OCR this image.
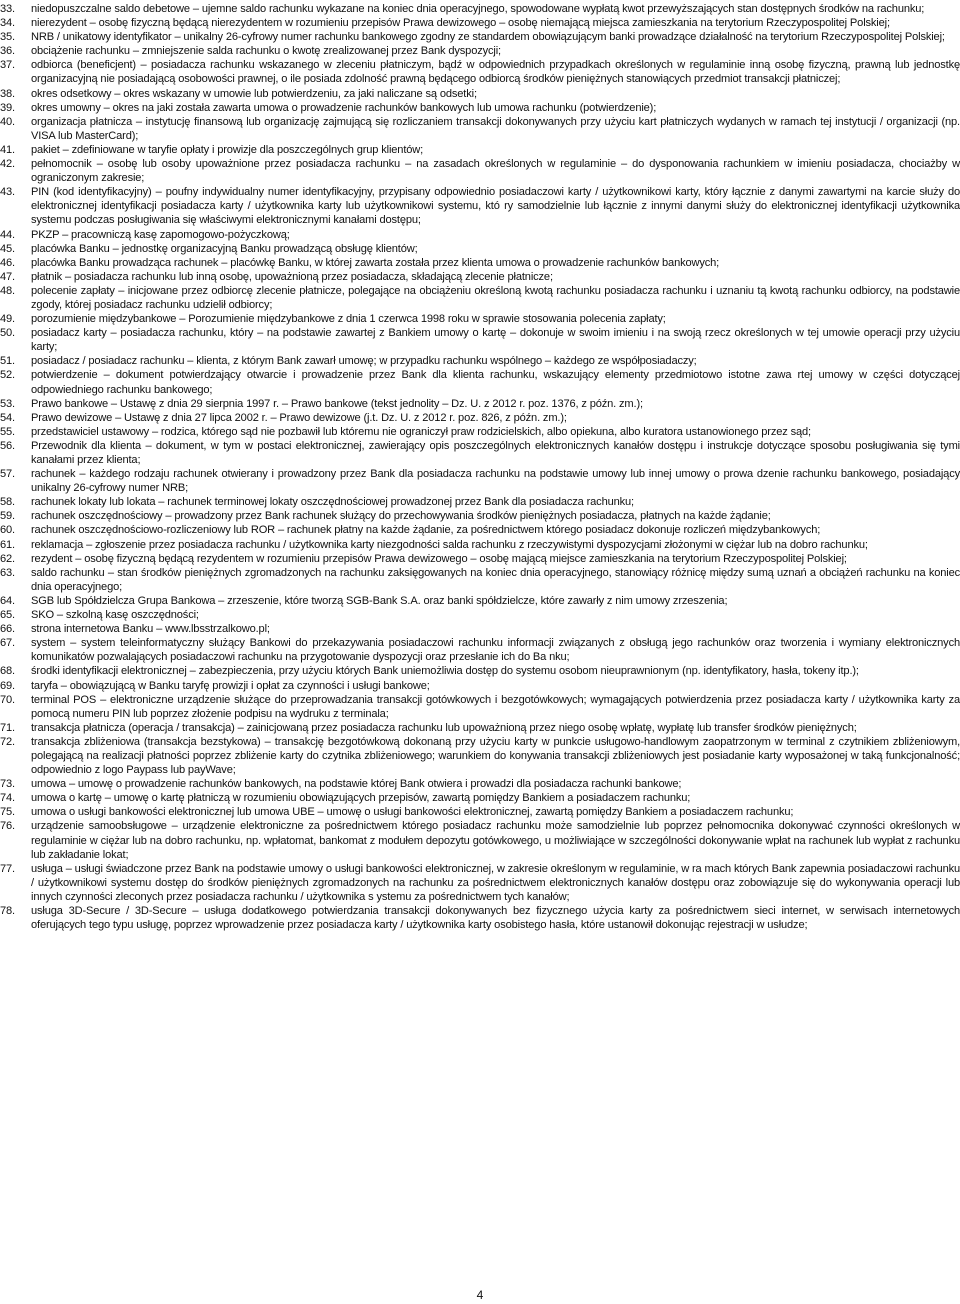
33.	niedopuszczalne saldo debetowe – ujemne saldo rachunku wykazane na koniec dnia operacyjnego, spowodowane wypłatą kwot przewyższających stan dostępnych środków na rachunku;
34.	nierezydent – osobę fizyczną będącą nierezydentem w rozumieniu przepisów Prawa dewizowego – osobę niemającą miejsca zamieszkania na terytorium Rzeczypospolitej Polskiej;
35.	NRB / unikatowy identyfikator – unikalny 26-cyfrowy numer rachunku bankowego zgodny ze standardem obowiązującym banki prowadzące działalność na terytorium Rzeczypospolitej Polskiej;
36.	obciążenie rachunku – zmniejszenie salda rachunku o kwotę zrealizowanej przez Bank dyspozycji;
37.	odbiorca (beneficjent) – posiadacza rachunku wskazanego w zleceniu płatniczym, bądź w odpowiednich przypadkach określonych w regulaminie inną osobę fizyczną, prawną lub jednostkę organizacyjną nie posiadającą osobowości prawnej, o ile posiada zdolność prawną będącego odbiorcą środków pieniężnych stanowiących przedmiot transakcji płatniczej;
38.	okres odsetkowy – okres wskazany w umowie lub potwierdzeniu, za jaki naliczane są odsetki;
39.	okres umowny – okres na jaki została zawarta umowa o prowadzenie rachunków bankowych lub umowa rachunku (potwierdzenie);
40.	organizacja płatnicza – instytucję finansową lub organizację zajmującą się rozliczaniem transakcji dokonywanych przy użyciu kart płatniczych wydanych w ramach tej instytucji / organizacji (np. VISA lub MasterCard);
41.	pakiet – zdefiniowane w taryfie opłaty i prowizje dla poszczególnych grup klientów;
42.	pełnomocnik – osobę lub osoby upoważnione przez posiadacza rachunku – na zasadach określonych w regulaminie – do dysponowania rachunkiem w imieniu posiadacza, chociażby w ograniczonym zakresie;
43.	PIN (kod identyfikacyjny) – poufny indywidualny numer identyfikacyjny, przypisany odpowiednio posiadaczowi karty / użytkownikowi karty, który łącznie z danymi zawartymi na karcie służy do elektronicznej identyfikacji posiadacza karty / użytkownika karty lub użytkownikowi systemu, któ ry samodzielnie lub łącznie z innymi danymi służy do elektronicznej identyfikacji użytkownika systemu podczas posługiwania się właściwymi elektronicznymi kanałami dostępu;
44.	PKZP – pracowniczą kasę zapomogowo-pożyczkową;
45.	placówka Banku – jednostkę organizacyjną Banku prowadzącą obsługę klientów;
46.	placówka Banku prowadząca rachunek – placówkę Banku, w której zawarta została przez klienta umowa o prowadzenie rachunków bankowych;
47.	płatnik – posiadacza rachunku lub inną osobę, upoważnioną przez posiadacza, składającą zlecenie płatnicze;
48.	polecenie zapłaty – inicjowane przez odbiorcę zlecenie płatnicze, polegające na obciążeniu określoną kwotą rachunku posiadacza rachunku i uznaniu tą kwotą rachunku odbiorcy, na podstawie zgody, której posiadacz rachunku udzielił odbiorcy;
49.	porozumienie międzybankowe – Porozumienie międzybankowe z dnia 1 czerwca 1998 roku w sprawie stosowania polecenia zapłaty;
50.	posiadacz karty – posiadacza rachunku, który – na podstawie zawartej z Bankiem umowy o kartę – dokonuje w swoim imieniu i na swoją rzecz określonych w tej umowie operacji przy użyciu karty;
51.	posiadacz / posiadacz rachunku – klienta, z którym Bank zawarł umowę; w przypadku rachunku wspólnego – każdego ze współposiadaczy;
52.	potwierdzenie – dokument potwierdzający otwarcie i prowadzenie przez Bank dla klienta rachunku, wskazujący elementy przedmiotowo istotne zawa rtej umowy w części dotyczącej odpowiedniego rachunku bankowego;
53.	Prawo bankowe – Ustawę z dnia 29 sierpnia 1997 r. – Prawo bankowe (tekst jednolity – Dz. U. z 2012 r. poz. 1376, z późn. zm.);
54.	Prawo dewizowe – Ustawę z dnia 27 lipca 2002 r. – Prawo dewizowe (j.t. Dz. U. z 2012 r. poz. 826, z późn. zm.);
55.	przedstawiciel ustawowy – rodzica, którego sąd nie pozbawił lub któremu nie ograniczył praw rodzicielskich, albo opiekuna, albo kuratora ustanowionego przez sąd;
56.	Przewodnik dla klienta – dokument, w tym w postaci elektronicznej, zawierający opis poszczególnych elektronicznych kanałów dostępu i instrukcje dotyczące sposobu posługiwania się tymi kanałami przez klienta;
57.	rachunek – każdego rodzaju rachunek otwierany i prowadzony przez Bank dla posiadacza rachunku na podstawie umowy lub innej umowy o prowa dzenie rachunku bankowego, posiadający unikalny 26-cyfrowy numer NRB;
58.	rachunek lokaty lub lokata – rachunek terminowej lokaty oszczędnościowej prowadzonej przez Bank dla posiadacza rachunku;
59.	rachunek oszczędnościowy – prowadzony przez Bank rachunek służący do przechowywania środków pieniężnych posiadacza, płatnych na każde żądanie;
60.	rachunek oszczędnościowo-rozliczeniowy lub ROR – rachunek płatny na każde żądanie, za pośrednictwem którego posiadacz dokonuje rozliczeń międzybankowych;
61.	reklamacja – zgłoszenie przez posiadacza rachunku / użytkownika karty niezgodności salda rachunku z rzeczywistymi dyspozycjami złożonymi w ciężar lub na dobro rachunku;
62.	rezydent – osobę fizyczną będącą rezydentem w rozumieniu przepisów Prawa dewizowego – osobę mającą miejsce zamieszkania na terytorium Rzeczypospolitej Polskiej;
63.	saldo rachunku – stan środków pieniężnych zgromadzonych na rachunku zaksięgowanych na koniec dnia operacyjnego, stanowiący różnicę między sumą uznań a obciążeń rachunku na koniec dnia operacyjnego;
64.	SGB lub Spółdzielcza Grupa Bankowa – zrzeszenie, które tworzą SGB-Bank S.A. oraz banki spółdzielcze, które zawarły z nim umowy zrzeszenia;
65.	SKO – szkolną kasę oszczędności;
66.	strona internetowa Banku – www.lbsstrzalkowo.pl;
67.	system – system teleinformatyczny służący Bankowi do przekazywania posiadaczowi rachunku informacji związanych z obsługą jego rachunków oraz tworzenia i wymiany elektronicznych komunikatów pozwalających posiadaczowi rachunku na przygotowanie dyspozycji oraz przesłanie ich do Ba nku;
68.	środki identyfikacji elektronicznej – zabezpieczenia, przy użyciu których Bank uniemożliwia dostęp do systemu osobom nieuprawnionym (np. identyfikatory, hasła, tokeny itp.);
69.	taryfa – obowiązującą w Banku taryfę prowizji i opłat za czynności i usługi bankowe;
70.	terminal POS – elektroniczne urządzenie służące do przeprowadzania transakcji gotówkowych i bezgotówkowych; wymagających potwierdzenia przez posiadacza karty / użytkownika karty za pomocą numeru PIN lub poprzez złożenie podpisu na wydruku z terminala;
71.	transakcja płatnicza (operacja / transakcja) – zainicjowaną przez posiadacza rachunku lub upoważnioną przez niego osobę wpłatę, wypłatę lub transfer środków pieniężnych;
72.	transakcja zbliżeniowa (transakcja bezstykowa) – transakcję bezgotówkową dokonaną przy użyciu karty w punkcie usługowo-handlowym zaopatrzonym w terminal z czytnikiem zbliżeniowym, polegającą na realizacji płatności poprzez zbliżenie karty do czytnika zbliżeniowego; warunkiem do konywania transakcji zbliżeniowych jest posiadanie karty wyposażonej w taką funkcjonalność; odpowiednio z logo Paypass lub payWave;
73.	umowa – umowę o prowadzenie rachunków bankowych, na podstawie której Bank otwiera i prowadzi dla posiadacza rachunki bankowe;
74.	umowa o kartę – umowę o kartę płatniczą w rozumieniu obowiązujących przepisów, zawartą pomiędzy Bankiem a posiadaczem rachunku;
75.	umowa o usługi bankowości elektronicznej lub umowa UBE – umowę o usługi bankowości elektronicznej, zawartą pomiędzy Bankiem a posiadaczem rachunku;
76.	urządzenie samoobsługowe – urządzenie elektroniczne za pośrednictwem którego posiadacz rachunku może samodzielnie lub poprzez pełnomocnika dokonywać czynności określonych w regulaminie w ciężar lub na dobro rachunku, np. wpłatomat, bankomat z modułem depozytu gotówkowego, u możliwiające w szczególności dokonywanie wpłat na rachunek lub wypłat z rachunku lub zakładanie lokat;
77.	usługa – usługi świadczone przez Bank na podstawie umowy o usługi bankowości elektronicznej, w zakresie określonym w regulaminie, w ra mach których Bank zapewnia posiadaczowi rachunku / użytkownikowi systemu dostęp do środków pieniężnych zgromadzonych na rachunku za pośrednictwem elektronicznych kanałów dostępu oraz zobowiązuje się do wykonywania operacji lub innych czynności zleconych przez posiadacza rachunku / użytkownika s ystemu za pośrednictwem tych kanałów;
78.	usługa 3D-Secure / 3D-Secure – usługa dodatkowego potwierdzania transakcji dokonywanych bez fizycznego użycia karty za pośrednictwem sieci internet, w serwisach internetowych oferujących tego typu usługę, poprzez wprowadzenie przez posiadacza karty / użytkownika karty osobistego hasła, które ustanowił dokonując rejestracji w usłudze;
4
